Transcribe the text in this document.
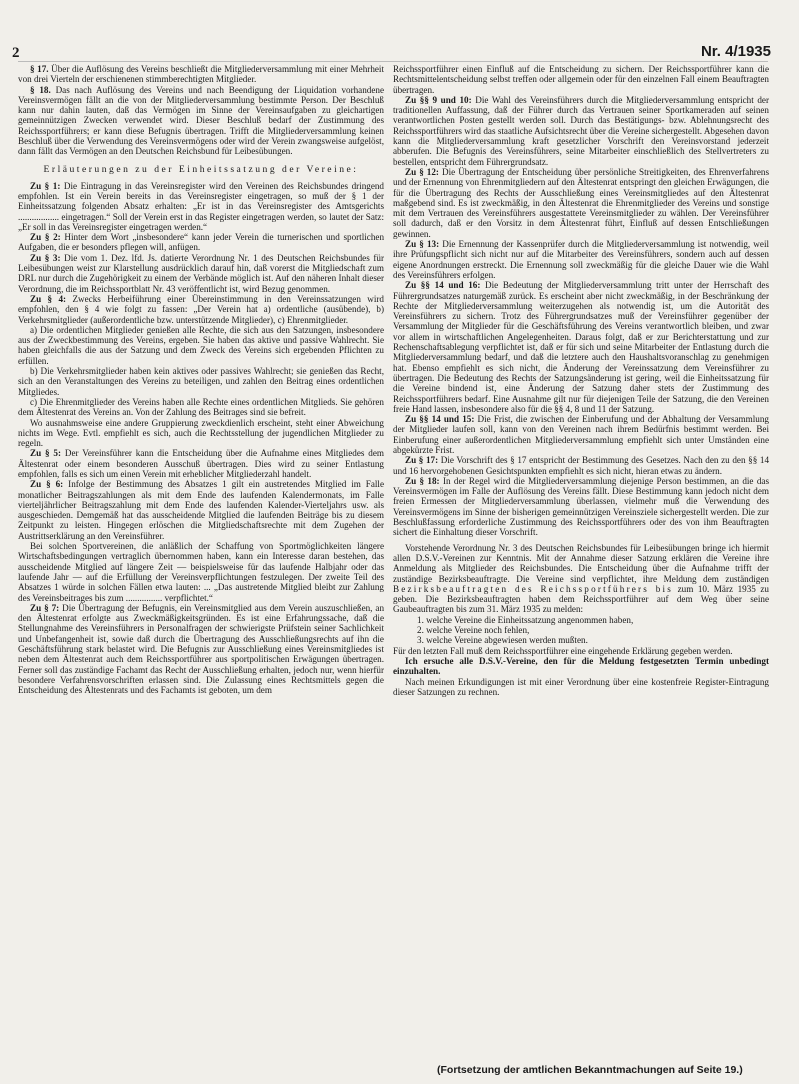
2	Nr. 4/1935

§ 17. Über die Auflösung des Vereins beschließt die Mitgliederversammlung mit einer Mehrheit von drei Vierteln der erschienenen stimmberechtigten Mitglieder.

§ 18. Das nach Auflösung des Vereins und nach Beendigung der Liquidation vorhandene Vereinsvermögen fällt an die von der Mitgliederversammlung bestimmte Person. Der Beschluß kann nur dahin lauten, daß das Vermögen im Sinne der Vereinsaufgaben zu gleichartigen gemeinnützigen Zwecken verwendet wird. Dieser Beschluß bedarf der Zustimmung des Reichssportführers; er kann diese Befugnis übertragen. Trifft die Mitgliederversammlung keinen Beschluß über die Verwendung des Vereinsvermögens oder wird der Verein zwangsweise aufgelöst, dann fällt das Vermögen an den Deutschen Reichsbund für Leibesübungen.

Erläuterungen zu der Einheitssatzung der Vereine:

Zu § 1: Die Eintragung in das Vereinsregister wird den Vereinen des Reichsbundes dringend empfohlen. Ist ein Verein bereits in das Vereinsregister eingetragen, so muß der § 1 der Einheitssatzung folgenden Absatz erhalten: „Er ist in das Vereinsregister des Amtsgerichts .................. eingetragen.“ Soll der Verein erst in das Register eingetragen werden, so lautet der Satz: „Er soll in das Vereinsregister eingetragen werden.“

Zu § 2: Hinter dem Wort „insbesondere“ kann jeder Verein die turnerischen und sportlichen Aufgaben, die er besonders pflegen will, anfügen.

Zu § 3: Die vom 1. Dez. lfd. Js. datierte Verordnung Nr. 1 des Deutschen Reichsbundes für Leibesübungen weist zur Klarstellung ausdrücklich darauf hin, daß vorerst die Mitgliedschaft zum DRL nur durch die Zugehörigkeit zu einem der Verbände möglich ist. Auf den näheren Inhalt dieser Verordnung, die im Reichssportblatt Nr. 43 veröffentlicht ist, wird Bezug genommen.

Zu § 4: Zwecks Herbeiführung einer Übereinstimmung in den Vereinssatzungen wird empfohlen, den § 4 wie folgt zu fassen: „Der Verein hat a) ordentliche (ausübende), b) Verkehrsmitglieder (außerordentliche bzw. unterstützende Mitglieder), c) Ehrenmitglieder.

a) Die ordentlichen Mitglieder genießen alle Rechte, die sich aus den Satzungen, insbesondere aus der Zweckbestimmung des Vereins, ergeben. Sie haben das aktive und passive Wahlrecht. Sie haben gleichfalls die aus der Satzung und dem Zweck des Vereins sich ergebenden Pflichten zu erfüllen.

b) Die Verkehrsmitglieder haben kein aktives oder passives Wahlrecht; sie genießen das Recht, sich an den Veranstaltungen des Vereins zu beteiligen, und zahlen den Beitrag eines ordentlichen Mitgliedes.

c) Die Ehrenmitglieder des Vereins haben alle Rechte eines ordentlichen Mitglieds. Sie gehören dem Ältestenrat des Vereins an. Von der Zahlung des Beitrages sind sie befreit.

Wo ausnahmsweise eine andere Gruppierung zweckdienlich erscheint, steht einer Abweichung nichts im Wege. Evtl. empfiehlt es sich, auch die Rechtsstellung der jugendlichen Mitglieder zu regeln.

Zu § 5: Der Vereinsführer kann die Entscheidung über die Aufnahme eines Mitgliedes dem Ältestenrat oder einem besonderen Ausschuß übertragen. Dies wird zu seiner Entlastung empfohlen, falls es sich um einen Verein mit erheblicher Mitgliederzahl handelt.

Zu § 6: Infolge der Bestimmung des Absatzes 1 gilt ein austretendes Mitglied im Falle monatlicher Beitragszahlungen als mit dem Ende des laufenden Kalendermonats, im Falle vierteljährlicher Beitragszahlung mit dem Ende des laufenden Kalender-Vierteljahrs usw. als ausgeschieden. Demgemäß hat das ausscheidende Mitglied die laufenden Beiträge bis zu diesem Zeitpunkt zu leisten. Hingegen erlöschen die Mitgliedschaftsrechte mit dem Zugehen der Austrittserklärung an den Vereinsführer.

Bei solchen Sportvereinen, die anläßlich der Schaffung von Sportmöglichkeiten längere Wirtschaftsbedingungen vertraglich übernommen haben, kann ein Interesse daran bestehen, das ausscheidende Mitglied auf längere Zeit — beispielsweise für das laufende Halbjahr oder das laufende Jahr — auf die Erfüllung der Vereinsverpflichtungen festzulegen. Der zweite Teil des Absatzes 1 würde in solchen Fällen etwa lauten: ... „Das austretende Mitglied bleibt zur Zahlung des Vereinsbeitrages bis zum ................ verpflichtet.“

Zu § 7: Die Übertragung der Befugnis, ein Vereinsmitglied aus dem Verein auszuschließen, an den Ältestenrat erfolgte aus Zweckmäßigkeitsgründen. Es ist eine Erfahrungssache, daß die Stellungnahme des Vereinsführers in Personalfragen der schwierigste Prüfstein seiner Sachlichkeit und Unbefangenheit ist, sowie daß durch die Übertragung des Ausschließungsrechts auf ihn die Geschäftsführung stark belastet wird. Die Befugnis zur Ausschließung eines Vereinsmitgliedes ist neben dem Ältestenrat auch dem Reichssportführer aus sportpolitischen Erwägungen übertragen. Ferner soll das zuständige Fachamt das Recht der Ausschließung erhalten, jedoch nur, wenn hierfür besondere Verfahrensvorschriften erlassen sind. Die Zulassung eines Rechtsmittels gegen die Entscheidung des Ältestenrats und des Fachamts ist geboten, um dem

Reichssportführer einen Einfluß auf die Entscheidung zu sichern. Der Reichssportführer kann die Rechtsmittelentscheidung selbst treffen oder allgemein oder für den einzelnen Fall einem Beauftragten übertragen.

Zu §§ 9 und 10: Die Wahl des Vereinsführers durch die Mitgliederversammlung entspricht der traditionellen Auffassung, daß der Führer durch das Vertrauen seiner Sportkameraden auf seinen verantwortlichen Posten gestellt werden soll. Durch das Bestätigungs- bzw. Ablehnungsrecht des Reichssportführers wird das staatliche Aufsichtsrecht über die Vereine sichergestellt. Abgesehen davon kann die Mitgliederversammlung kraft gesetzlicher Vorschrift den Vereinsvorstand jederzeit abberufen. Die Befugnis des Vereinsführers, seine Mitarbeiter einschließlich des Stellvertreters zu bestellen, entspricht dem Führergrundsatz.

Zu § 12: Die Übertragung der Entscheidung über persönliche Streitigkeiten, des Ehrenverfahrens und der Ernennung von Ehrenmitgliedern auf den Ältestenrat entspringt den gleichen Erwägungen, die für die Übertragung des Rechts der Ausschließung eines Vereinsmitgliedes auf den Ältestenrat maßgebend sind. Es ist zweckmäßig, in den Ältestenrat die Ehrenmitglieder des Vereins und sonstige mit dem Vertrauen des Vereinsführers ausgestattete Vereinsmitglieder zu wählen. Der Vereinsführer soll dadurch, daß er den Vorsitz in dem Ältestenrat führt, Einfluß auf dessen Entschließungen gewinnen.

Zu § 13: Die Ernennung der Kassenprüfer durch die Mitgliederversammlung ist notwendig, weil ihre Prüfungspflicht sich nicht nur auf die Mitarbeiter des Vereinsführers, sondern auch auf dessen eigene Anordnungen erstreckt. Die Ernennung soll zweckmäßig für die gleiche Dauer wie die Wahl des Vereinsführers erfolgen.

Zu §§ 14 und 16: Die Bedeutung der Mitgliederversammlung tritt unter der Herrschaft des Führergrundsatzes naturgemäß zurück. Es erscheint aber nicht zweckmäßig, in der Beschränkung der Rechte der Mitgliederversammlung weiterzugehen als notwendig ist, um die Autorität des Vereinsführers zu sichern. Trotz des Führergrundsatzes muß der Vereinsführer gegenüber der Versammlung der Mitglieder für die Geschäftsführung des Vereins verantwortlich bleiben, und zwar vor allem in wirtschaftlichen Angelegenheiten. Daraus folgt, daß er zur Berichterstattung und zur Rechenschaftsablegung verpflichtet ist, daß er für sich und seine Mitarbeiter der Entlastung durch die Mitgliederversammlung bedarf, und daß die letztere auch den Haushaltsvoranschlag zu genehmigen hat. Ebenso empfiehlt es sich nicht, die Änderung der Vereinssatzung dem Vereinsführer zu übertragen. Die Bedeutung des Rechts der Satzungsänderung ist gering, weil die Einheitssatzung für die Vereine bindend ist, eine Änderung der Satzung daher stets der Zustimmung des Reichssportführers bedarf. Eine Ausnahme gilt nur für diejenigen Teile der Satzung, die den Vereinen freie Hand lassen, insbesondere also für die §§ 4, 8 und 11 der Satzung.

Zu §§ 14 und 15: Die Frist, die zwischen der Einberufung und der Abhaltung der Versammlung der Mitglieder laufen soll, kann von den Vereinen nach ihrem Bedürfnis bestimmt werden. Bei Einberufung einer außerordentlichen Mitgliederversammlung empfiehlt sich unter Umständen eine abgekürzte Frist.

Zu § 17: Die Vorschrift des § 17 entspricht der Bestimmung des Gesetzes. Nach den zu den §§ 14 und 16 hervorgehobenen Gesichtspunkten empfiehlt es sich nicht, hieran etwas zu ändern.

Zu § 18: In der Regel wird die Mitgliederversammlung diejenige Person bestimmen, an die das Vereinsvermögen im Falle der Auflösung des Vereins fällt. Diese Bestimmung kann jedoch nicht dem freien Ermessen der Mitgliederversammlung überlassen, vielmehr muß die Verwendung des Vereinsvermögens im Sinne der bisherigen gemeinnützigen Vereinsziele sichergestellt werden. Die zur Beschlußfassung erforderliche Zustimmung des Reichssportführers oder des von ihm Beauftragten sichert die Einhaltung dieser Vorschrift.

Vorstehende Verordnung Nr. 3 des Deutschen Reichsbundes für Leibesübungen bringe ich hiermit allen D.S.V.-Vereinen zur Kenntnis. Mit der Annahme dieser Satzung erklären die Vereine ihre Anmeldung als Mitglieder des Reichsbundes. Die Entscheidung über die Aufnahme trifft der zuständige Bezirksbeauftragte. Die Vereine sind verpflichtet, ihre Meldung dem zuständigen Bezirksbeauftragten des Reichssportführers bis zum 10. März 1935 zu geben. Die Bezirksbeauftragten haben dem Reichssportführer auf dem Weg über seine Gaubeauftragten bis zum 31. März 1935 zu melden:

1. welche Vereine die Einheitssatzung angenommen haben,

2. welche Vereine noch fehlen,

3. welche Vereine abgewiesen werden mußten.

Für den letzten Fall muß dem Reichssportführer eine eingehende Erklärung gegeben werden.

Ich ersuche alle D.S.V.-Vereine, den für die Meldung festgesetzten Termin unbedingt einzuhalten.

Nach meinen Erkundigungen ist mit einer Verordnung über eine kostenfreie Register-Eintragung dieser Satzungen zu rechnen.

(Fortsetzung der amtlichen Bekanntmachungen auf Seite 19.)
